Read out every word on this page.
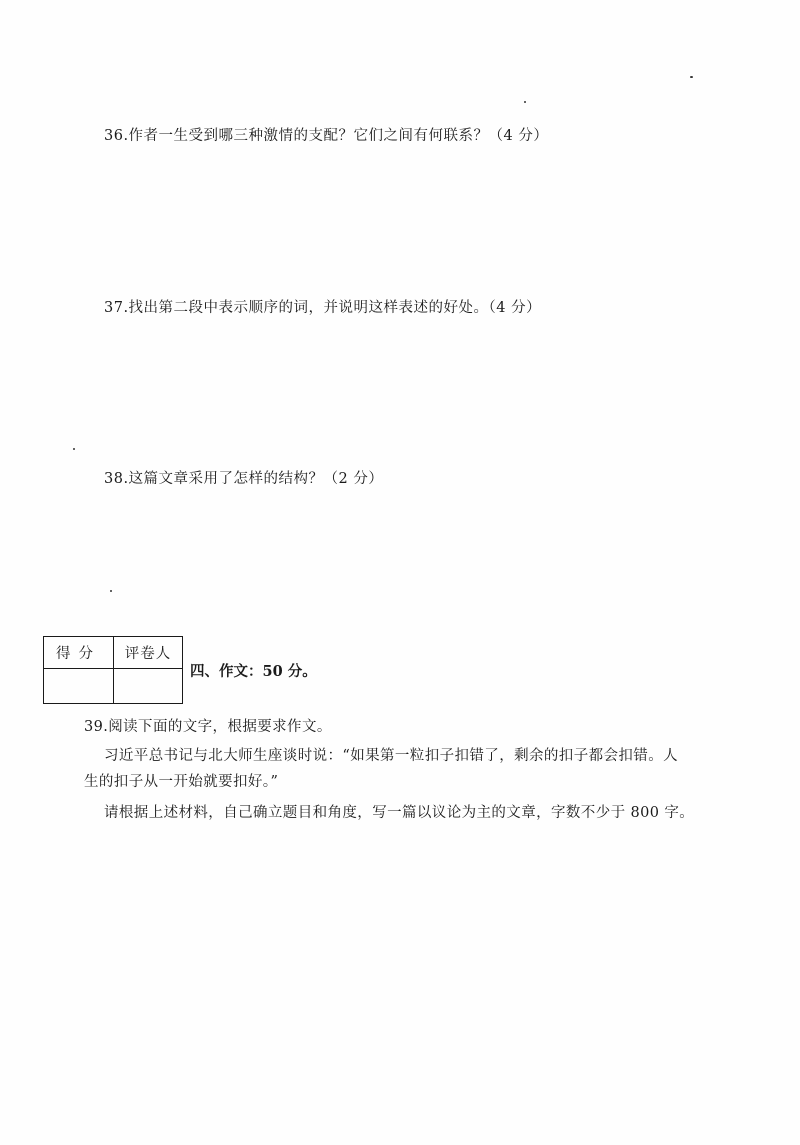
36.作者一生受到哪三种激情的支配？它们之间有何联系？（4 分）
37.找出第二段中表示顺序的词，并说明这样表述的好处。（4 分）
38.这篇文章采用了怎样的结构？（2 分）
得分	评卷人
四、作文：50 分。
39.阅读下面的文字，根据要求作文。
习近平总书记与北大师生座谈时说：“如果第一粒扣子扣错了，剩余的扣子都会扣错。人
生的扣子从一开始就要扣好。”
请根据上述材料，自己确立题目和角度，写一篇以议论为主的文章，字数不少于 800 字。
